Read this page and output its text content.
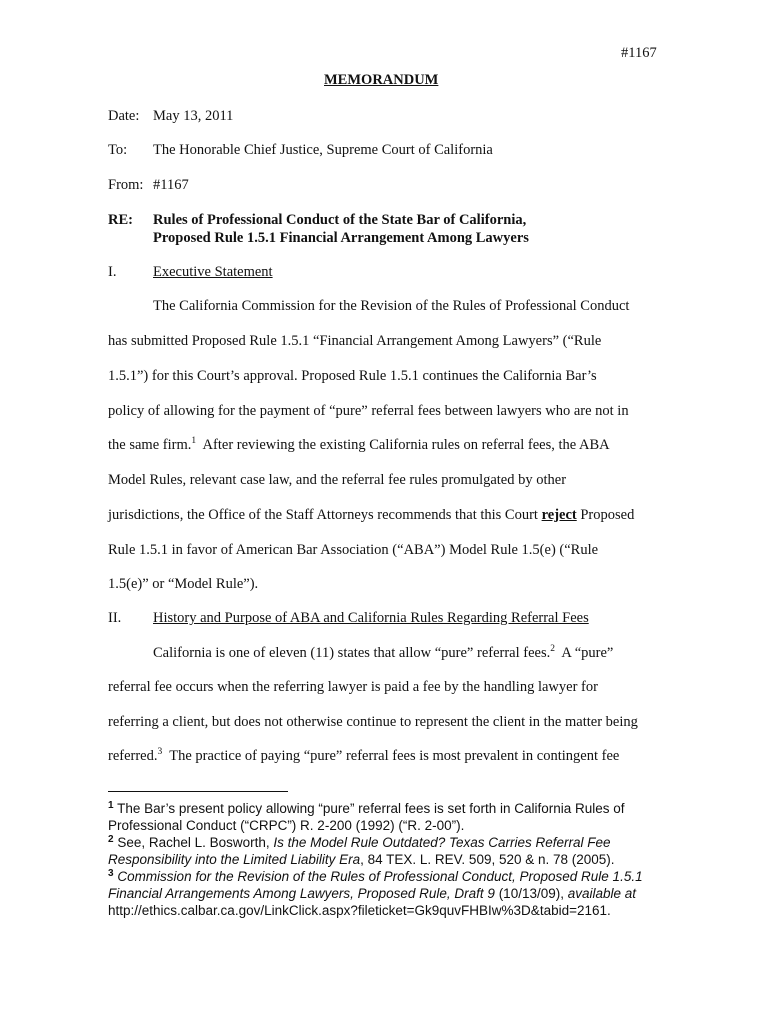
#1167
MEMORANDUM
Date: May 13, 2011
To: The Honorable Chief Justice, Supreme Court of California
From: #1167
RE: Rules of Professional Conduct of the State Bar of California,
Proposed Rule 1.5.1 Financial Arrangement Among Lawyers
I.	Executive Statement
The California Commission for the Revision of the Rules of Professional Conduct
has submitted Proposed Rule 1.5.1 “Financial Arrangement Among Lawyers” (“Rule
1.5.1”) for this Court’s approval. Proposed Rule 1.5.1 continues the California Bar’s
policy of allowing for the payment of “pure” referral fees between lawyers who are not in
the same firm.$^1$  After reviewing the existing California rules on referral fees, the ABA
Model Rules, relevant case law, and the referral fee rules promulgated by other
jurisdictions, the Office of the Staff Attorneys recommends that this Court reject Proposed
Rule 1.5.1 in favor of American Bar Association (“ABA”) Model Rule 1.5(e) (“Rule
1.5(e)” or “Model Rule”).
II. History and Purpose of ABA and California Rules Regarding Referral Fees
California is one of eleven (11) states that allow “pure” referral fees.$^2$  A “pure”
referral fee occurs when the referring lawyer is paid a fee by the handling lawyer for
referring a client, but does not otherwise continue to represent the client in the matter being
referred.$^3$  The practice of paying “pure” referral fees is most prevalent in contingent fee
$^1$ The Bar’s present policy allowing “pure” referral fees is set forth in California Rules of
Professional Conduct (“CRPC”) R. 2-200 (1992) (“R. 2-00”).
$^2$ See, Rachel L. Bosworth, Is the Model Rule Outdated? Texas Carries Referral Fee
Responsibility into the Limited Liability Era, 84 TEX. L. REV. 509, 520 & n. 78 (2005).
$^3$ Commission for the Revision of the Rules of Professional Conduct, Proposed Rule 1.5.1
Financial Arrangements Among Lawyers, Proposed Rule, Draft 9 (10/13/09), available at
http://ethics.calbar.ca.gov/LinkClick.aspx?fileticket=Gk9quvFHBIw%3D&tabid=2161.
